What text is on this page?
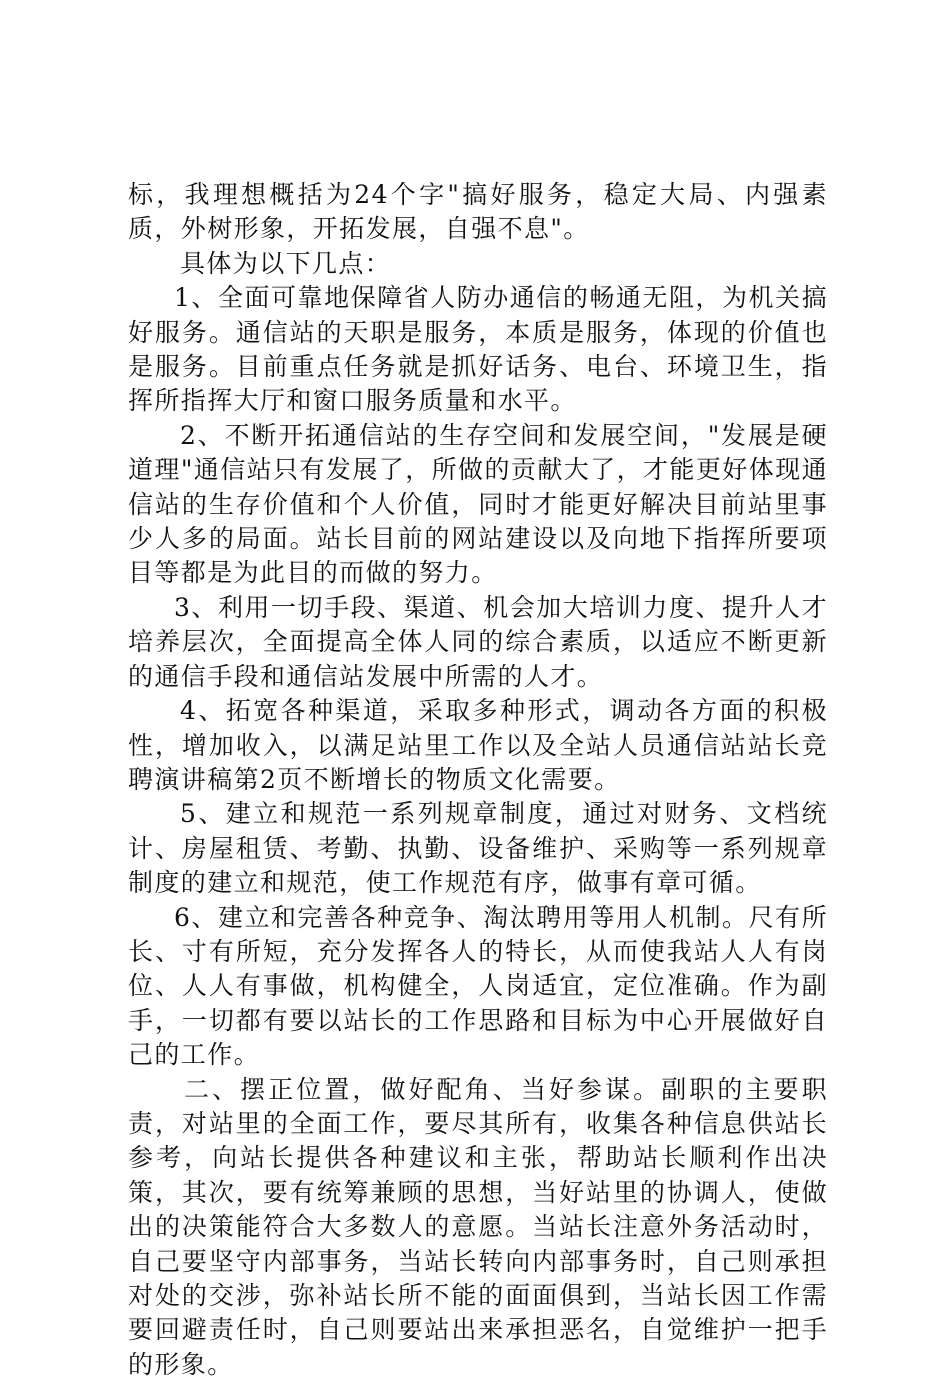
标，我理想概括为24个字"搞好服务，稳定大局、内强素质，外树形象，开拓发展，自强不息"。

具体为以下几点：

1、全面可靠地保障省人防办通信的畅通无阻，为机关搞好服务。通信站的天职是服务，本质是服务，体现的价值也是服务。目前重点任务就是抓好话务、电台、环境卫生，指挥所指挥大厅和窗口服务质量和水平。

2、不断开拓通信站的生存空间和发展空间，"发展是硬道理"通信站只有发展了，所做的贡献大了，才能更好体现通信站的生存价值和个人价值，同时才能更好解决目前站里事少人多的局面。站长目前的网站建设以及向地下指挥所要项目等都是为此目的而做的努力。

3、利用一切手段、渠道、机会加大培训力度、提升人才培养层次，全面提高全体人同的综合素质，以适应不断更新的通信手段和通信站发展中所需的人才。

4、拓宽各种渠道，采取多种形式，调动各方面的积极性，增加收入，以满足站里工作以及全站人员通信站站长竞聘演讲稿第2页不断增长的物质文化需要。

5、建立和规范一系列规章制度，通过对财务、文档统计、房屋租赁、考勤、执勤、设备维护、采购等一系列规章制度的建立和规范，使工作规范有序，做事有章可循。

6、建立和完善各种竞争、淘汰聘用等用人机制。尺有所长、寸有所短，充分发挥各人的特长，从而使我站人人有岗位、人人有事做，机构健全，人岗适宜，定位准确。作为副手，一切都有要以站长的工作思路和目标为中心开展做好自己的工作。

二、摆正位置，做好配角、当好参谋。副职的主要职责，对站里的全面工作，要尽其所有，收集各种信息供站长参考，向站长提供各种建议和主张，帮助站长顺利作出决策，其次，要有统筹兼顾的思想，当好站里的协调人，使做出的决策能符合大多数人的意愿。当站长注意外务活动时，自己要坚守内部事务，当站长转向内部事务时，自己则承担对处的交涉，弥补站长所不能的面面俱到，当站长因工作需要回避责任时，自己则要站出来承担恶名，自觉维护一把手的形象。
